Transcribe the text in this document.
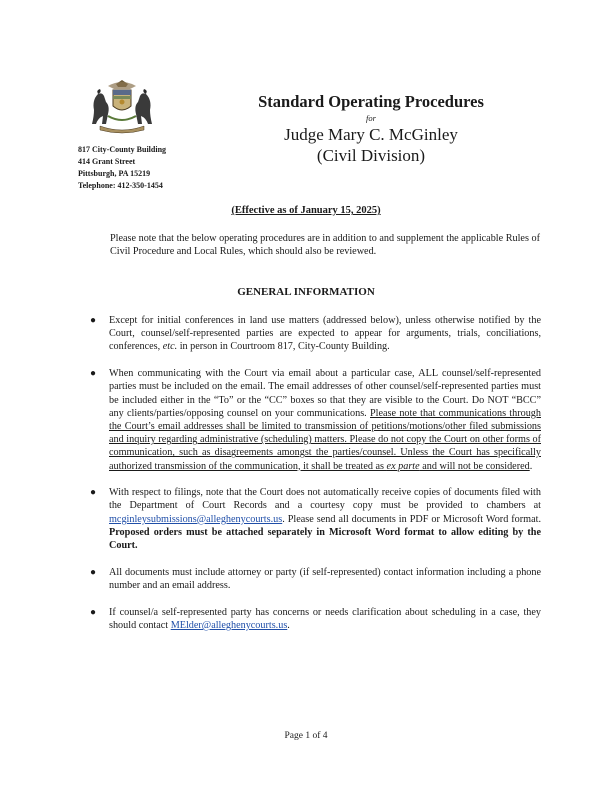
817 City-County Building
414 Grant Street
Pittsburgh, PA 15219
Telephone: 412-350-1454
Standard Operating Procedures
for
Judge Mary C. McGinley
(Civil Division)
(Effective as of January 15, 2025)
Please note that the below operating procedures are in addition to and supplement the applicable Rules of Civil Procedure and Local Rules, which should also be reviewed.
GENERAL INFORMATION
● Except for initial conferences in land use matters (addressed below), unless otherwise notified by the Court, counsel/self-represented parties are expected to appear for arguments, trials, conciliations, conferences, etc. in person in Courtroom 817, City-County Building.
● When communicating with the Court via email about a particular case, ALL counsel/self-represented parties must be included on the email. The email addresses of other counsel/self-represented parties must be included either in the “To” or the “CC” boxes so that they are visible to the Court. Do NOT “BCC” any clients/parties/opposing counsel on your communications. Please note that communications through the Court’s email addresses shall be limited to transmission of petitions/motions/other filed submissions and inquiry regarding administrative (scheduling) matters. Please do not copy the Court on other forms of communication, such as disagreements amongst the parties/counsel. Unless the Court has specifically authorized transmission of the communication, it shall be treated as ex parte and will not be considered.
● With respect to filings, note that the Court does not automatically receive copies of documents filed with the Department of Court Records and a courtesy copy must be provided to chambers at mcginleysubmissions@alleghenycourts.us. Please send all documents in PDF or Microsoft Word format. Proposed orders must be attached separately in Microsoft Word format to allow editing by the Court.
● All documents must include attorney or party (if self-represented) contact information including a phone number and an email address.
● If counsel/a self-represented party has concerns or needs clarification about scheduling in a case, they should contact MElder@alleghenycourts.us.
Page 1 of 4
